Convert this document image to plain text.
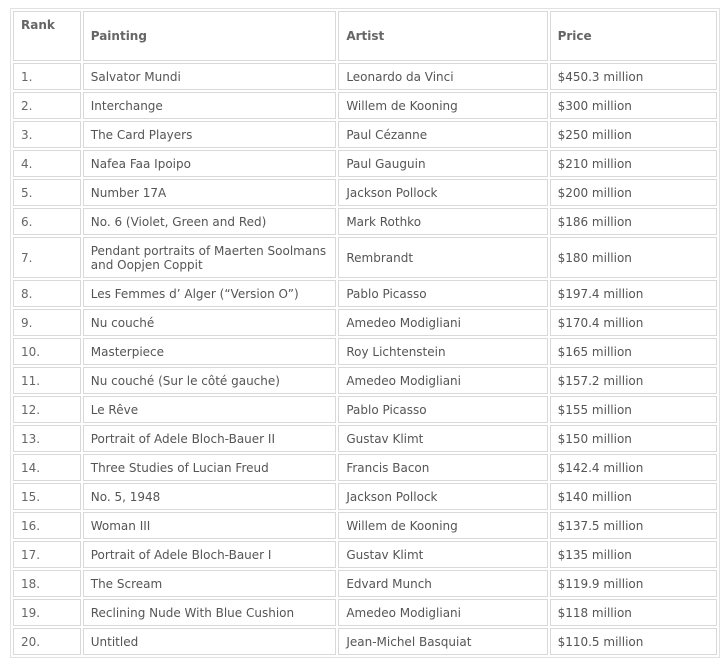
Rank	Painting	Artist	Price
1.	Salvator Mundi	Leonardo da Vinci	$450.3 million
2.	Interchange	Willem de Kooning	$300 million
3.	The Card Players	Paul Cézanne	$250 million
4.	Nafea Faa Ipoipo	Paul Gauguin	$210 million
5.	Number 17A	Jackson Pollock	$200 million
6.	No. 6 (Violet, Green and Red)	Mark Rothko	$186 million
7.	Pendant portraits of Maerten Soolmans and Oopjen Coppit	Rembrandt	$180 million
8.	Les Femmes d’ Alger (“Version O”)	Pablo Picasso	$197.4 million
9.	Nu couché	Amedeo Modigliani	$170.4 million
10.	Masterpiece	Roy Lichtenstein	$165 million
11.	Nu couché (Sur le côté gauche)	Amedeo Modigliani	$157.2 million
12.	Le Rêve	Pablo Picasso	$155 million
13.	Portrait of Adele Bloch-Bauer II	Gustav Klimt	$150 million
14.	Three Studies of Lucian Freud	Francis Bacon	$142.4 million
15.	No. 5, 1948	Jackson Pollock	$140 million
16.	Woman III	Willem de Kooning	$137.5 million
17.	Portrait of Adele Bloch-Bauer I	Gustav Klimt	$135 million
18.	The Scream	Edvard Munch	$119.9 million
19.	Reclining Nude With Blue Cushion	Amedeo Modigliani	$118 million
20.	Untitled	Jean-Michel Basquiat	$110.5 million
